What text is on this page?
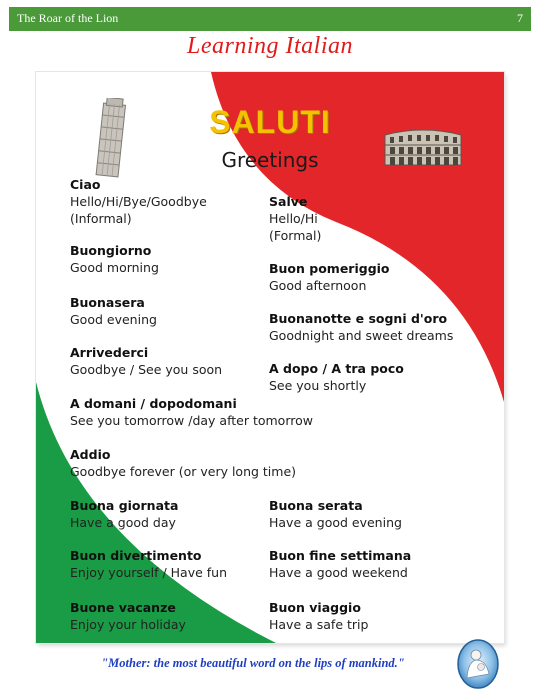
The Roar of the Lion	7
Learning Italian
SALUTI
Greetings
Ciao
Hello/Hi/Bye/Goodbye
(Informal)
Salve
Hello/Hi
(Formal)
Buongiorno
Good morning	Buon pomeriggio
Good afternoon
Buonasera
Good evening	Buonanotte e sogni d'oro
Goodnight and sweet dreams
Arrivederci
Goodbye / See you soon	A dopo / A tra poco
See you shortly
A domani / dopodomani
See you tomorrow /day after tomorrow
Addio
Goodbye forever (or very long time)
Buona giornata
Have a good day
Buona serata
Have a good evening
Buon divertimento
Enjoy yourself / Have fun
Buon fine settimana
Have a good weekend
Buone vacanze
Enjoy your holiday
Buon viaggio
Have a safe trip
"Mother: the most beautiful word on the lips of mankind."
